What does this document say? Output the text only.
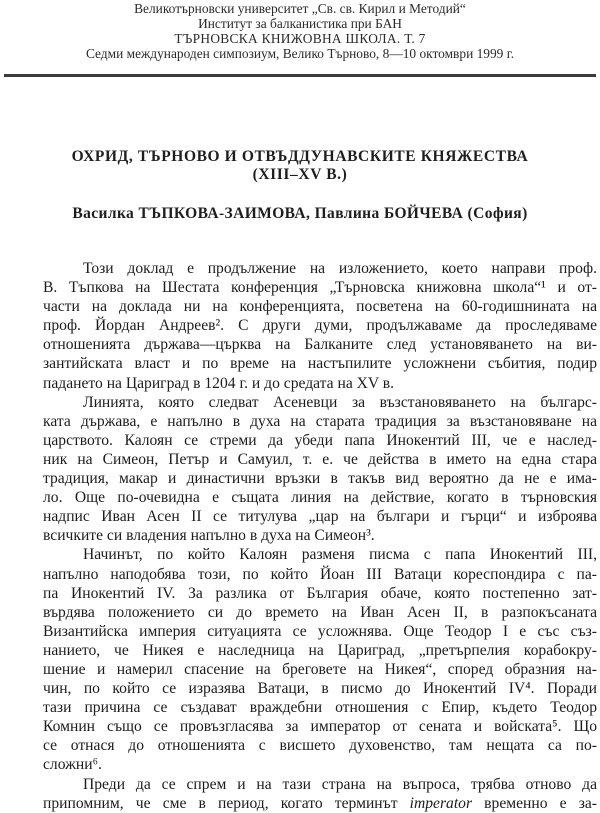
Великотърновски университет „Св. св. Кирил и Методий“
Институт за балканистика при БАН
ТЪРНОВСКА КНИЖОВНА ШКОЛА. Т. 7
Седми международен симпозиум, Велико Търново, 8—10 октомври 1999 г.
ОХРИД, ТЪРНОВО И ОТВЪДДУНАВСКИТЕ КНЯЖЕСТВА
(XIII–XV В.)
Василка ТЪПКОВА-ЗАИМОВА, Павлина БОЙЧЕВА (София)

Този доклад е продължение на изложението, което направи проф.
В. Тъпкова на Шестата конференция „Търновска книжовна школа“¹ и от-
части на доклада ни на конференцията, посветена на 60-годишнината на
проф. Йордан Андреев². С други думи, продължаваме да проследяваме
отношенията държава—църква на Балканите след установяването на ви-
зантийската власт и по време на настъпилите усложнени събития, подир
падането на Цариград в 1204 г. и до средата на XV в.

Линията, която следват Асеневци за възстановяването на българс-
ката държава, е напълно в духа на старата традиция за възстановяване на
царството. Калоян се стреми да убеди папа Инокентий III, че е наслед-
ник на Симеон, Петър и Самуил, т. е. че действа в името на една стара
традиция, макар и династични връзки в такъв вид вероятно да не е има-
ло. Още по-очевидна е същата линия на действие, когато в търновския
надпис Иван Асен II се титулува „цар на българи и гърци“ и изброява
всичките си владения напълно в духа на Симеон³.

Начинът, по който Калоян разменя писма с папа Инокентий III,
напълно наподобява този, по който Йоан III Ватаци кореспондира с па-
па Инокентий IV. За разлика от България обаче, която постепенно зат-
върдява положението си до времето на Иван Асен II, в разпокъсаната
Византийска империя ситуацията се усложнява. Още Теодор I е със съз-
нанието, че Никея е наследница на Цариград, „претърпелия корабокру-
шение и намерил спасение на бреговете на Никея“, според образния на-
чин, по който се изразява Ватаци, в писмо до Инокентий IV⁴. Поради
тази причина се създават враждебни отношения с Епир, където Теодор
Комнин също се провъзгласява за император от сената и войската⁵. Що
се отнася до отношенията с висшето духовенство, там нещата са по-
сложни⁶.

Преди да се спрем и на тази страна на въпроса, трябва отново да
припомним, че сме в период, когато терминът imperator временно е за-
